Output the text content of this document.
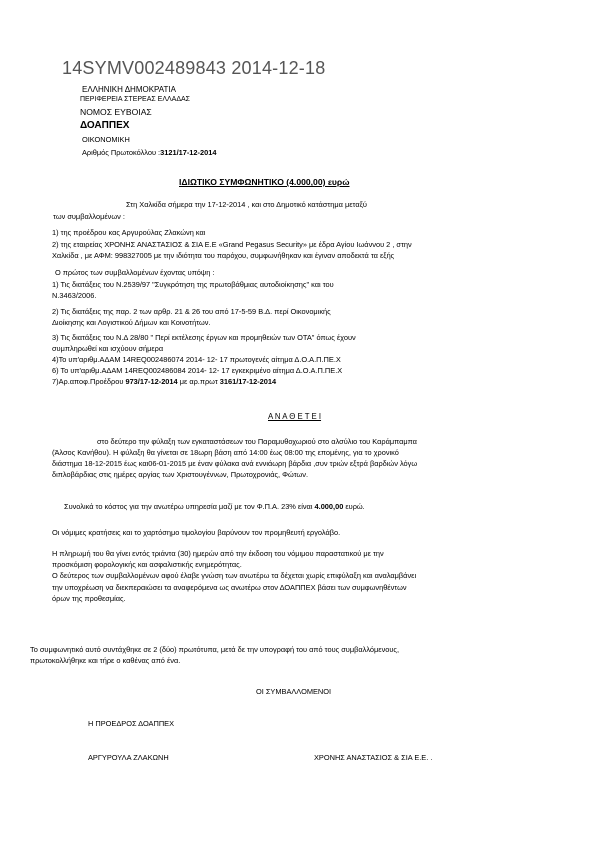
14SYMV002489843 2014-12-18
ΕΛΛΗΝΙΚΗ ΔΗΜΟΚΡΑΤΙΑ
ΠΕΡΙΦΕΡΕΙΑ ΣΤΕΡΕΑΣ ΕΛΛΑΔΑΣ
ΝΟΜΟΣ ΕΥΒΟΙΑΣ
ΔΟΑΠΠΕΧ
ΟΙΚΟΝΟΜΙΚΗ
Αριθμός Πρωτοκόλλου :3121/17-12-2014
ΙΔΙΩΤΙΚΟ ΣΥΜΦΩΝΗΤΙΚΟ (4.000,00) ευρώ
Στη Χαλκίδα σήμερα την 17-12-2014 , και στο Δημοτικό κατάστημα μεταξύ
των συμβαλλομένων :
1) της προέδρου κας Αργυρούλας Ζλακώνη και
2) της εταιρείας ΧΡΟΝΗΣ ΑΝΑΣΤΑΣΙΟΣ & ΣΙΑ Ε.Ε «Grand Pegasus Security» με έδρα Αγίου Ιωάννου 2 , στην
Χαλκίδα , με ΑΦΜ: 998327005 με την ιδιότητα του παρόχου, συμφωνήθηκαν και έγιναν αποδεκτά τα εξής
Ο πρώτος των συμβαλλομένων έχοντας υπόψη :
1) Τις διατάξεις του Ν.2539/97 "Συγκρότηση της πρωτοβάθμιας αυτοδιοίκησης" και του
Ν.3463/2006.
2) Τις διατάξεις της παρ. 2 των αρθρ. 21 & 26 του από 17-5-59 Β.Δ. περί Οικονομικής
Διοίκησης και Λογιστικού Δήμων και Κοινοτήτων.
3) Τις διατάξεις του Ν.Δ 28/80 " Περί εκτέλεσης έργων και προμηθειών των ΟΤΑ" όπως έχουν
συμπληρωθεί και ισχύουν σήμερα
4)Το υπ'αριθμ.ΑΔΑΜ 14REQ002486074 2014- 12- 17 πρωτογενές αίτημα Δ.Ο.Α.Π.ΠΕ.Χ
6) Το υπ'αριθμ.ΑΔΑΜ 14REQ002486084 2014- 12- 17 εγκεκριμένο αίτημα Δ.Ο.Α.Π.ΠΕ.Χ
7)Αρ.αποφ.Προέδρου 973/17-12-2014 με αρ.πρωτ 3161/17-12-2014
Α Ν Α Θ Ε Τ Ε Ι
στο δεύτερο την φύλαξη των εγκαταστάσεων του Παραμυθοχωριού στο αλσύλιο του Καράμπαμπα
(Άλσος Κανήθου). Η φύλαξη θα γίνεται σε 18ωρη βάση από 14:00 έως 08:00 της επομένης, για το χρονικό
διάστημα 18-12-2015 έως και06-01-2015 με έναν φύλακα ανά εννιάωρη βάρδια ,συν τριών εξτρά βαρδιών λόγω
διπλοβάρδιας στις ημέρες αργίας των Χριστουγέννων, Πρωτοχρονιάς, Φώτων.
Συνολικά το κόστος για την ανωτέρω υπηρεσία μαζί με τον Φ.Π.Α. 23% είναι 4.000,00 ευρώ.
Οι νόμιμες κρατήσεις και το χαρτόσημο τιμολογίου βαρύνουν τον προμηθευτή εργολάβο.
Η πληρωμή του θα γίνει εντός τριάντα (30) ημερών από την έκδοση του νόμιμου παραστατικού με την
προσκόμιση φορολογικής και ασφαλιστικής ενημερότητας.
Ο δεύτερος των συμβαλλομένων αφού έλαβε γνώση των ανωτέρω τα δέχεται χωρίς επιφύλαξη και αναλαμβάνει
την υποχρέωση να διεκπεραιώσει τα αναφερόμενα ως ανωτέρω στον ΔΟΑΠΠΕΧ βάσει των συμφωνηθέντων
όρων της προθεσμίας.
Το συμφωνητικό αυτό συντάχθηκε σε 2 (δύο) πρωτότυπα, μετά δε την υπογραφή του από τους συμβαλλόμενους,
πρωτοκολλήθηκε και τήρε ο καθένας από ένα.
ΟΙ ΣΥΜΒΑΛΛΟΜΕΝΟΙ
Η ΠΡΟΕΔΡΟΣ ΔΟΑΠΠΕΧ
ΑΡΓΥΡΟΥΛΑ ΖΛΑΚΩΝΗ	ΧΡΟΝΗΣ ΑΝΑΣΤΑΣΙΟΣ & ΣΙΑ Ε.Ε. .
